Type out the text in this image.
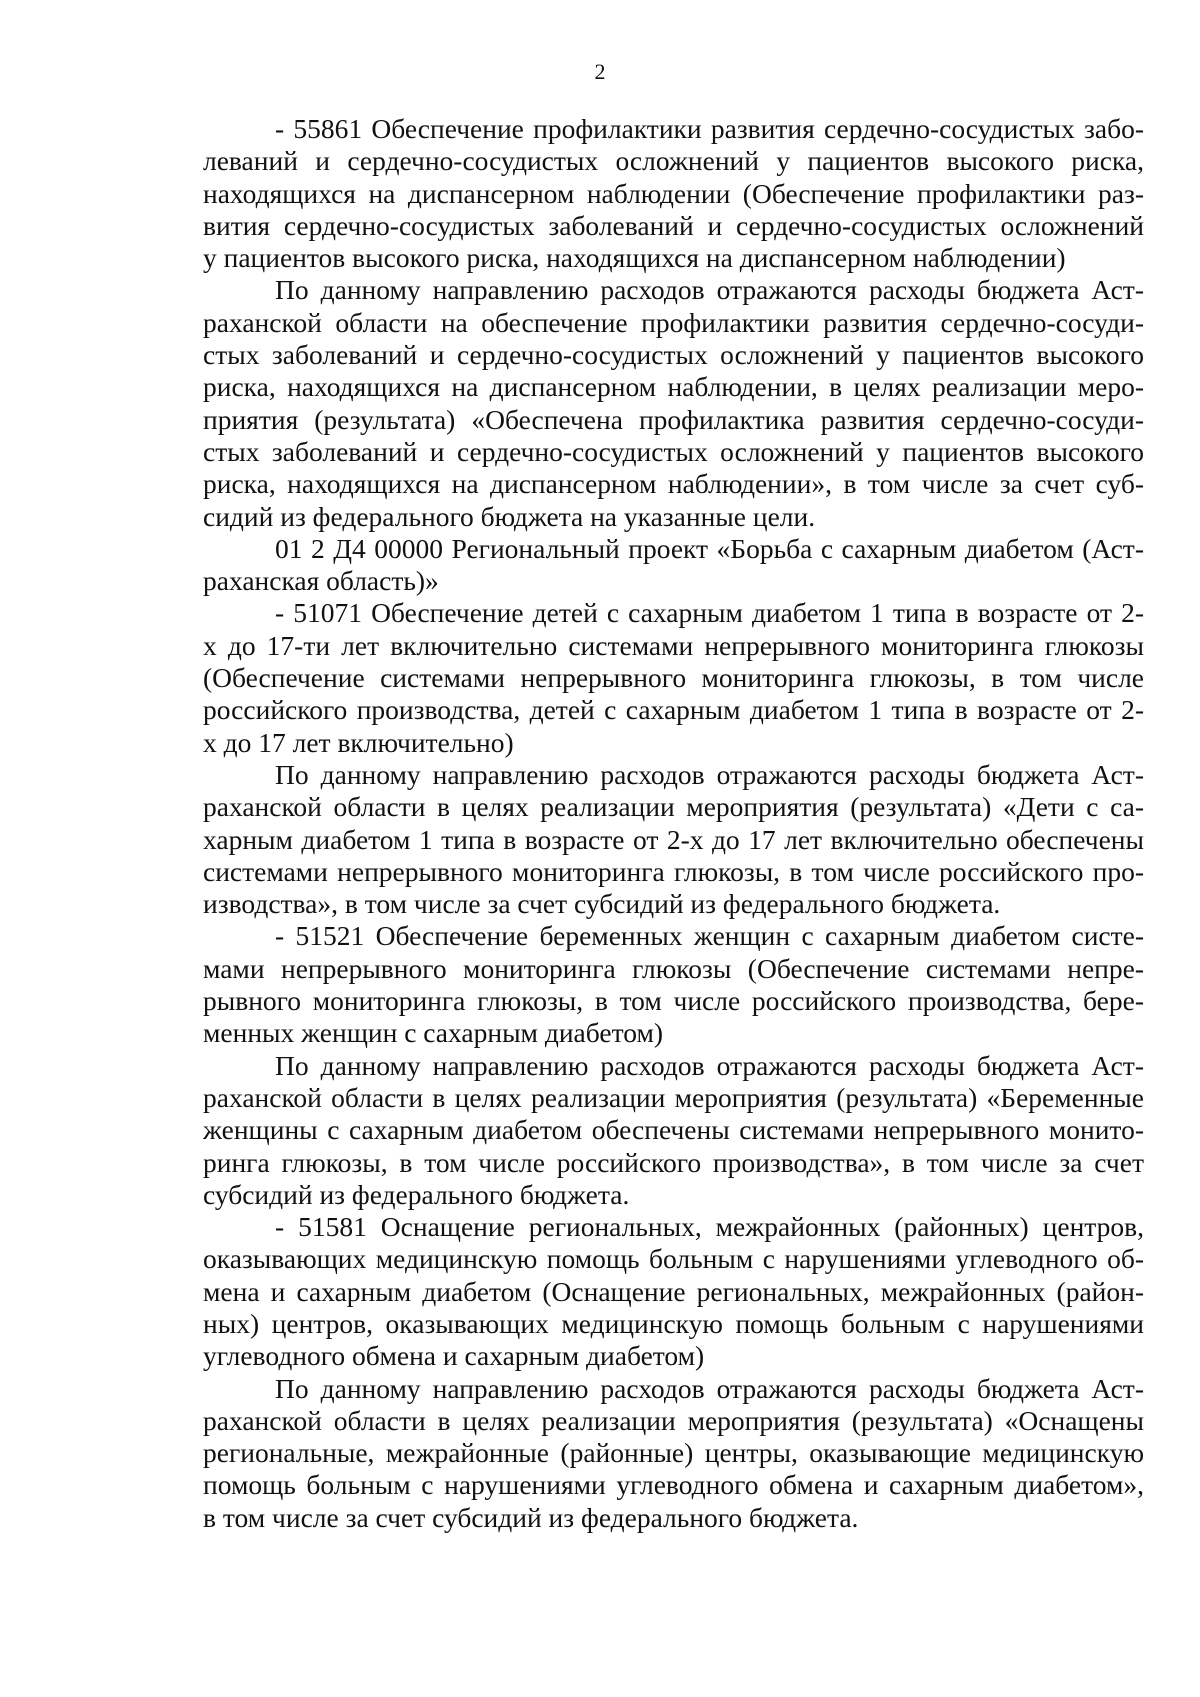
2

- 55861 Обеспечение профилактики развития сердечно-сосудистых забо-
леваний и сердечно-сосудистых осложнений у пациентов высокого риска,
находящихся на диспансерном наблюдении (Обеспечение профилактики раз-
вития сердечно-сосудистых заболеваний и сердечно-сосудистых осложнений
у пациентов высокого риска, находящихся на диспансерном наблюдении)

По данному направлению расходов отражаются расходы бюджета Аст-
раханской области на обеспечение профилактики развития сердечно-сосуди-
стых заболеваний и сердечно-сосудистых осложнений у пациентов высокого
риска, находящихся на диспансерном наблюдении, в целях реализации меро-
приятия (результата) «Обеспечена профилактика развития сердечно-сосуди-
стых заболеваний и сердечно-сосудистых осложнений у пациентов высокого
риска, находящихся на диспансерном наблюдении», в том числе за счет суб-
сидий из федерального бюджета на указанные цели.

01 2 Д4 00000 Региональный проект «Борьба с сахарным диабетом (Аст-
раханская область)»

- 51071 Обеспечение детей с сахарным диабетом 1 типа в возрасте от 2-
х до 17-ти лет включительно системами непрерывного мониторинга глюкозы
(Обеспечение системами непрерывного мониторинга глюкозы, в том числе
российского производства, детей с сахарным диабетом 1 типа в возрасте от 2-
х до 17 лет включительно)

По данному направлению расходов отражаются расходы бюджета Аст-
раханской области в целях реализации мероприятия (результата) «Дети с са-
харным диабетом 1 типа в возрасте от 2-х до 17 лет включительно обеспечены
системами непрерывного мониторинга глюкозы, в том числе российского про-
изводства», в том числе за счет субсидий из федерального бюджета.

- 51521 Обеспечение беременных женщин с сахарным диабетом систе-
мами непрерывного мониторинга глюкозы (Обеспечение системами непре-
рывного мониторинга глюкозы, в том числе российского производства, бере-
менных женщин с сахарным диабетом)

По данному направлению расходов отражаются расходы бюджета Аст-
раханской области в целях реализации мероприятия (результата) «Беременные
женщины с сахарным диабетом обеспечены системами непрерывного монито-
ринга глюкозы, в том числе российского производства», в том числе за счет
субсидий из федерального бюджета.

- 51581 Оснащение региональных, межрайонных (районных) центров,
оказывающих медицинскую помощь больным с нарушениями углеводного об-
мена и сахарным диабетом (Оснащение региональных, межрайонных (район-
ных) центров, оказывающих медицинскую помощь больным с нарушениями
углеводного обмена и сахарным диабетом)

По данному направлению расходов отражаются расходы бюджета Аст-
раханской области в целях реализации мероприятия (результата) «Оснащены
региональные, межрайонные (районные) центры, оказывающие медицинскую
помощь больным с нарушениями углеводного обмена и сахарным диабетом»,
в том числе за счет субсидий из федерального бюджета.
